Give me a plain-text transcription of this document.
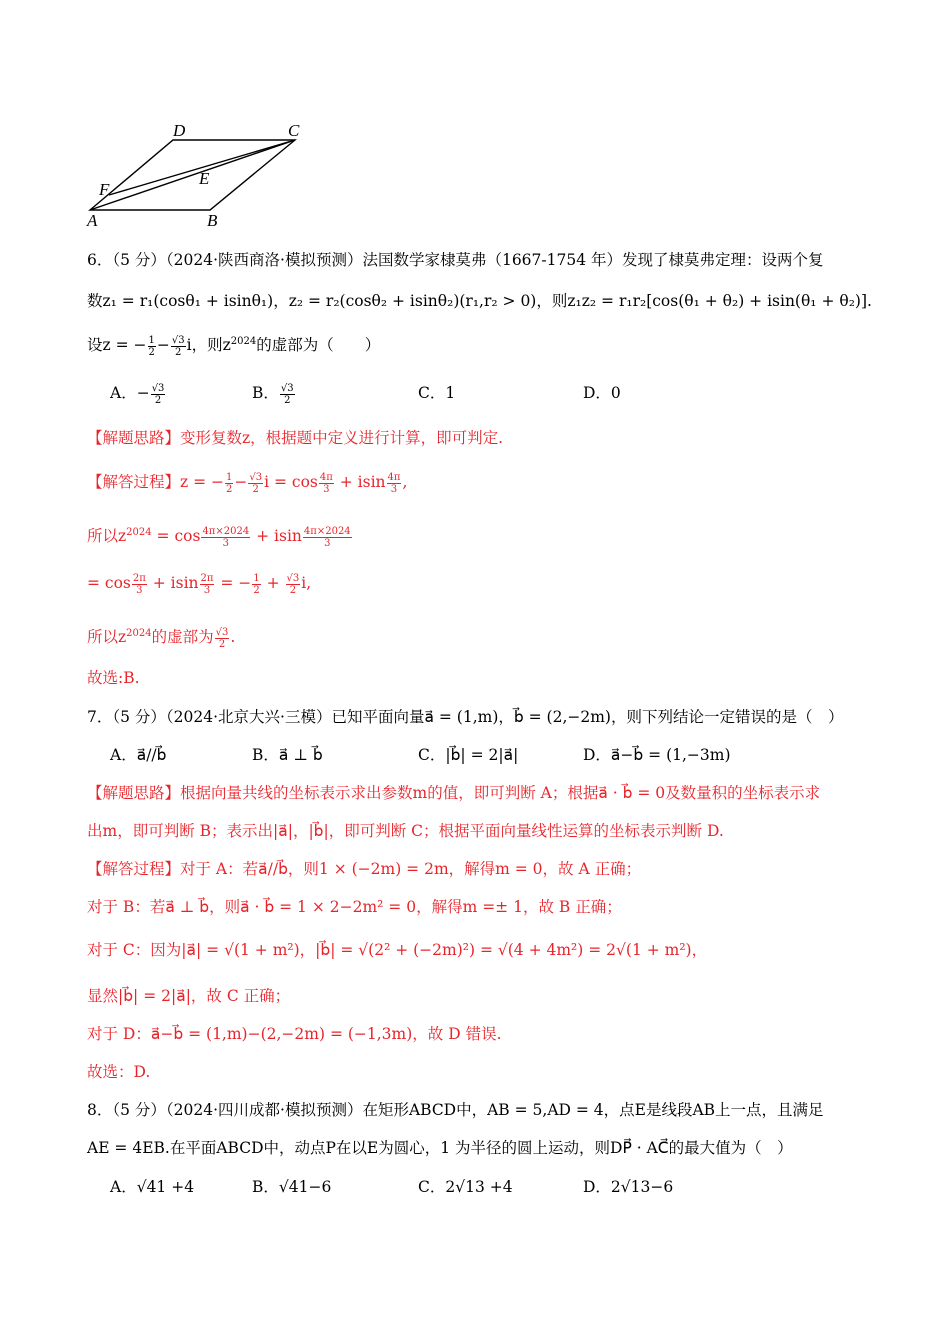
D	C
E
F
A	B
6．（5 分）（2024·陕西商洛·模拟预测）法国数学家棣莫弗（1667-1754 年）发现了棣莫弗定理：设两个复
数z₁ = r₁(cosθ₁ + isinθ₁)，z₂ = r₂(cosθ₂ + isinθ₂)(r₁,r₂ > 0)，则z₁z₂ = r₁r₂[cos(θ₁ + θ₂) + isin(θ₁ + θ₂)].
设z = − $\frac{1}{2} - \frac{√3}{2}$ i，则$z^{2024}$的虚部为（　　）
A．− $\frac{√3}{2}$	B． $\frac{√3}{2}$	C．1	D．0
【解题思路】变形复数z，根据题中定义进行计算，即可判定.
【解答过程】z = − $\frac{1}{2} - \frac{√3}{2}$ $i = \cos \frac{4\pi}{3} + isin \frac{4\pi}{3}$ ,
所以$z^{2024} = \cos \frac{4\pi\times 2024}{3} + isin \frac{4\pi\times 2024}{3}$
= $\cos \frac{2\pi}{3} + isin \frac{2\pi}{3}$ = − $\frac{1}{2} + \frac{√3}{2} i$,
所以$z^{2024}$的虚部为 $\frac{√3}{2}$ .
故选:B.
7．（5 分）（2024·北京大兴·三模）已知平面向量a⃗ = (1,m)，b⃗ = (2,−2m)，则下列结论一定错误的是（　）
A．a⃗//b⃗	B．a⃗ ⊥ b⃗	C．|b⃗| = 2|a⃗|	D．a⃗−b⃗ = (1,−3m)
【解题思路】根据向量共线的坐标表示求出参数m的值，即可判断 A；根据a⃗ · b⃗ = 0及数量积的坐标表示求
出m，即可判断 B；表示出|a⃗|，|b⃗|，即可判断 C；根据平面向量线性运算的坐标表示判断 D.
【解答过程】对于 A：若a⃗//b⃗，则1 × (−2m) = 2m，解得m = 0，故 A 正确；
对于 B：若a⃗ ⊥ b⃗，则a⃗ · b⃗ = 1 × 2−2m² = 0，解得m =± 1，故 B 正确；
对于 C：因为|a⃗| = √(1 + m²)，|b⃗| = √(2² + (−2m)²) = √(4 + 4m²) = 2√(1 + m²)，
显然|b⃗| = 2|a⃗|，故 C 正确；
对于 D：a⃗−b⃗ = (1,m)−(2,−2m) = (−1,3m)，故 D 错误.
故选：D.
8．（5 分）（2024·四川成都·模拟预测）在矩形ABCD中，AB = 5,AD = 4，点E是线段AB上一点，且满足
AE = 4EB.在平面ABCD中，动点P在以E为圆心，1 为半径的圆上运动，则DP⃗ · AC⃗的最大值为（　）
A．√41 +4	B．√41−6	C．2√13 +4	D．2√13−6
